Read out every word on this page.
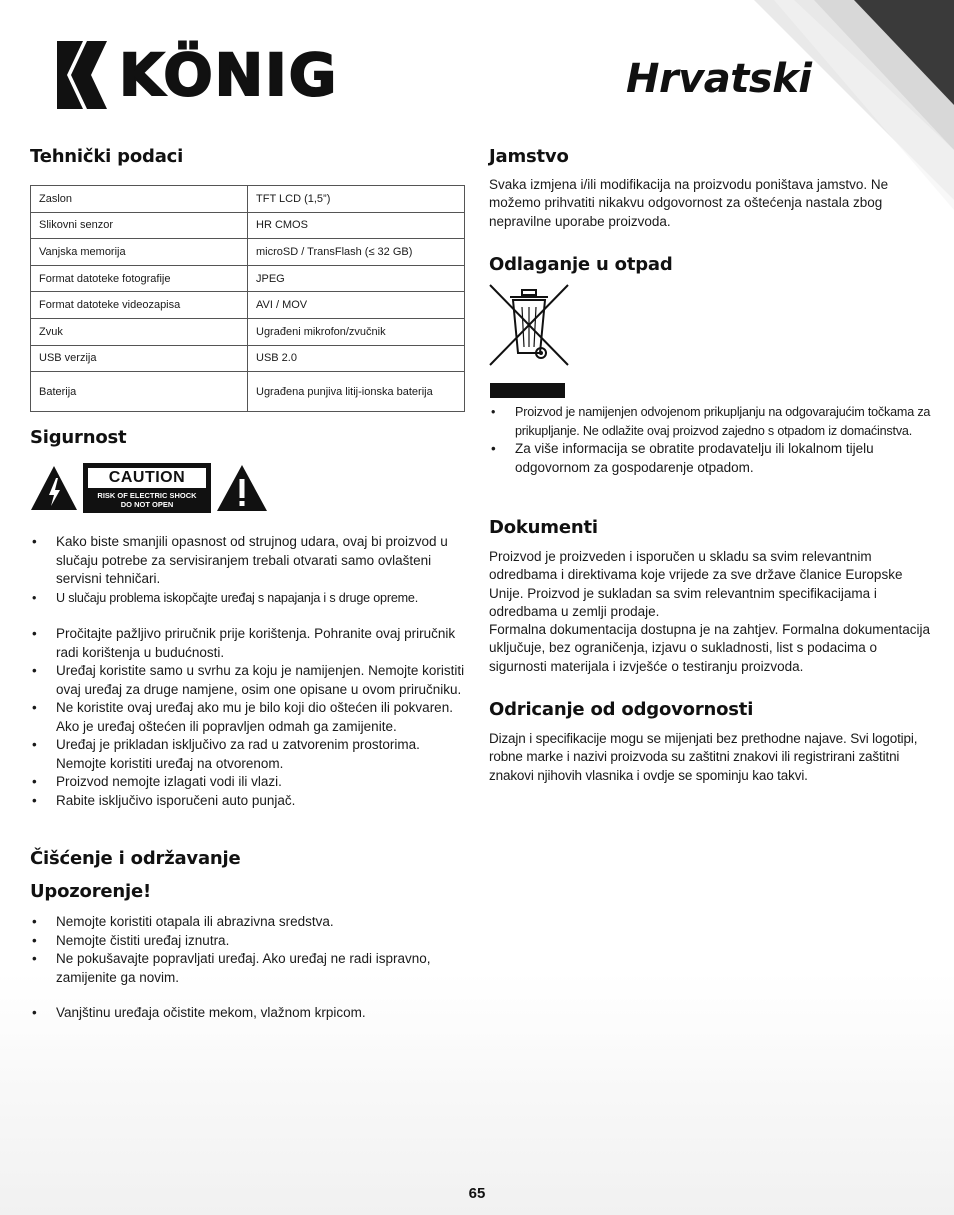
KÖNIG	Hrvatski
Tehnički podaci
Zaslon	TFT LCD (1,5”)
Slikovni senzor	HR CMOS
Vanjska memorija	microSD / TransFlash (≤ 32 GB)
Format datoteke fotografije	JPEG
Format datoteke videozapisa	AVI / MOV
Zvuk	Ugrađeni mikrofon/zvučnik
USB verzija	USB 2.0
Baterija	Ugrađena punjiva litij-ionska baterija
Sigurnost
CAUTION
RISK OF ELECTRIC SHOCK
DO NOT OPEN
• Kako biste smanjili opasnost od strujnog udara, ovaj bi proizvod u slučaju potrebe za servisiranjem trebali otvarati samo ovlašteni servisni tehničari.
• U slučaju problema iskopčajte uređaj s napajanja i s druge opreme.
• Pročitajte pažljivo priručnik prije korištenja. Pohranite ovaj priručnik radi korištenja u budućnosti.
• Uređaj koristite samo u svrhu za koju je namijenjen. Nemojte koristiti ovaj uređaj za druge namjene, osim one opisane u ovom priručniku.
• Ne koristite ovaj uređaj ako mu je bilo koji dio oštećen ili pokvaren. Ako je uređaj oštećen ili popravljen odmah ga zamijenite.
• Uređaj je prikladan isključivo za rad u zatvorenim prostorima. Nemojte koristiti uređaj na otvorenom.
• Proizvod nemojte izlagati vodi ili vlazi.
• Rabite isključivo isporučeni auto punjač.
Čišćenje i održavanje
Upozorenje!
• Nemojte koristiti otapala ili abrazivna sredstva.
• Nemojte čistiti uređaj iznutra.
• Ne pokušavajte popravljati uređaj. Ako uređaj ne radi ispravno, zamijenite ga novim.
• Vanjštinu uređaja očistite mekom, vlažnom krpicom.
Jamstvo

Svaka izmjena i/ili modifikacija na proizvodu poništava jamstvo. Ne možemo prihvatiti nikakvu odgovornost za oštećenja nastala zbog nepravilne uporabe proizvoda.

Odlaganje u otpad
• Proizvod je namijenjen odvojenom prikupljanju na odgovarajućim točkama za prikupljanje. Ne odlažite ovaj proizvod zajedno s otpadom iz domaćinstva.
• Za više informacija se obratite prodavatelju ili lokalnom tijelu odgovornom za gospodarenje otpadom.
Dokumenti

Proizvod je proizveden i isporučen u skladu sa svim relevantnim odredbama i direktivama koje vrijede za sve države članice Europske Unije. Proizvod je sukladan sa svim relevantnim specifikacijama i odredbama u zemlji prodaje.

Formalna dokumentacija dostupna je na zahtjev. Formalna dokumentacija uključuje, bez ograničenja, izjavu o sukladnosti, list s podacima o sigurnosti materijala i izvješće o testiranju proizvoda.

Odricanje od odgovornosti

Dizajn i specifikacije mogu se mijenjati bez prethodne najave. Svi logotipi, robne marke i nazivi proizvoda su zaštitni znakovi ili registrirani zaštitni znakovi njihovih vlasnika i ovdje se spominju kao takvi.

65
